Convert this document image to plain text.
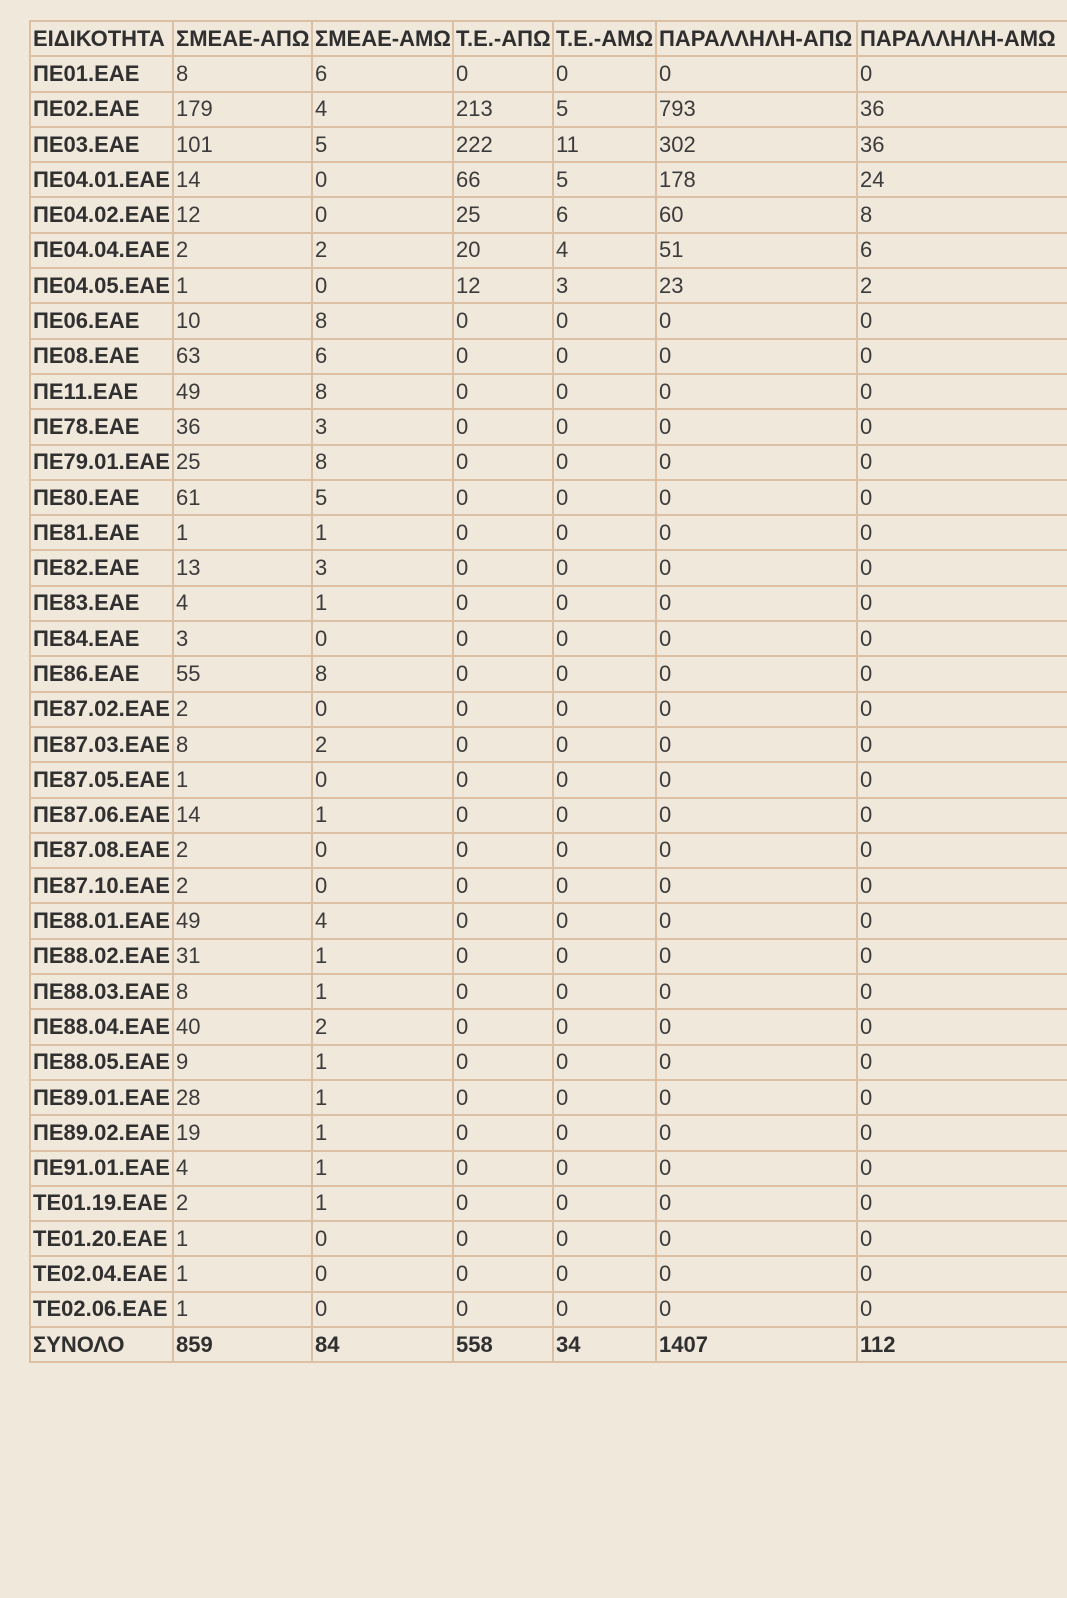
ΕΙΔΙΚΟΤΗΤΑ	ΣΜΕΑΕ-ΑΠΩ	ΣΜΕΑΕ-ΑΜΩ	Τ.Ε.-ΑΠΩ	Τ.Ε.-ΑΜΩ	ΠΑΡΑΛΛΗΛΗ-ΑΠΩ	ΠΑΡΑΛΛΗΛΗ-ΑΜΩ
ΠΕ01.ΕΑΕ	8	6	0	0	0	0
ΠΕ02.ΕΑΕ	179	4	213	5	793	36
ΠΕ03.ΕΑΕ	101	5	222	11	302	36
ΠΕ04.01.ΕΑΕ	14	0	66	5	178	24
ΠΕ04.02.ΕΑΕ	12	0	25	6	60	8
ΠΕ04.04.ΕΑΕ	2	2	20	4	51	6
ΠΕ04.05.ΕΑΕ	1	0	12	3	23	2
ΠΕ06.ΕΑΕ	10	8	0	0	0	0
ΠΕ08.ΕΑΕ	63	6	0	0	0	0
ΠΕ11.ΕΑΕ	49	8	0	0	0	0
ΠΕ78.ΕΑΕ	36	3	0	0	0	0
ΠΕ79.01.ΕΑΕ	25	8	0	0	0	0
ΠΕ80.ΕΑΕ	61	5	0	0	0	0
ΠΕ81.ΕΑΕ	1	1	0	0	0	0
ΠΕ82.ΕΑΕ	13	3	0	0	0	0
ΠΕ83.ΕΑΕ	4	1	0	0	0	0
ΠΕ84.ΕΑΕ	3	0	0	0	0	0
ΠΕ86.ΕΑΕ	55	8	0	0	0	0
ΠΕ87.02.ΕΑΕ	2	0	0	0	0	0
ΠΕ87.03.ΕΑΕ	8	2	0	0	0	0
ΠΕ87.05.ΕΑΕ	1	0	0	0	0	0
ΠΕ87.06.ΕΑΕ	14	1	0	0	0	0
ΠΕ87.08.ΕΑΕ	2	0	0	0	0	0
ΠΕ87.10.ΕΑΕ	2	0	0	0	0	0
ΠΕ88.01.ΕΑΕ	49	4	0	0	0	0
ΠΕ88.02.ΕΑΕ	31	1	0	0	0	0
ΠΕ88.03.ΕΑΕ	8	1	0	0	0	0
ΠΕ88.04.ΕΑΕ	40	2	0	0	0	0
ΠΕ88.05.ΕΑΕ	9	1	0	0	0	0
ΠΕ89.01.ΕΑΕ	28	1	0	0	0	0
ΠΕ89.02.ΕΑΕ	19	1	0	0	0	0
ΠΕ91.01.ΕΑΕ	4	1	0	0	0	0
ΤΕ01.19.ΕΑΕ	2	1	0	0	0	0
ΤΕ01.20.ΕΑΕ	1	0	0	0	0	0
ΤΕ02.04.ΕΑΕ	1	0	0	0	0	0
ΤΕ02.06.ΕΑΕ	1	0	0	0	0	0
ΣΥΝΟΛΟ	859	84	558	34	1407	112
